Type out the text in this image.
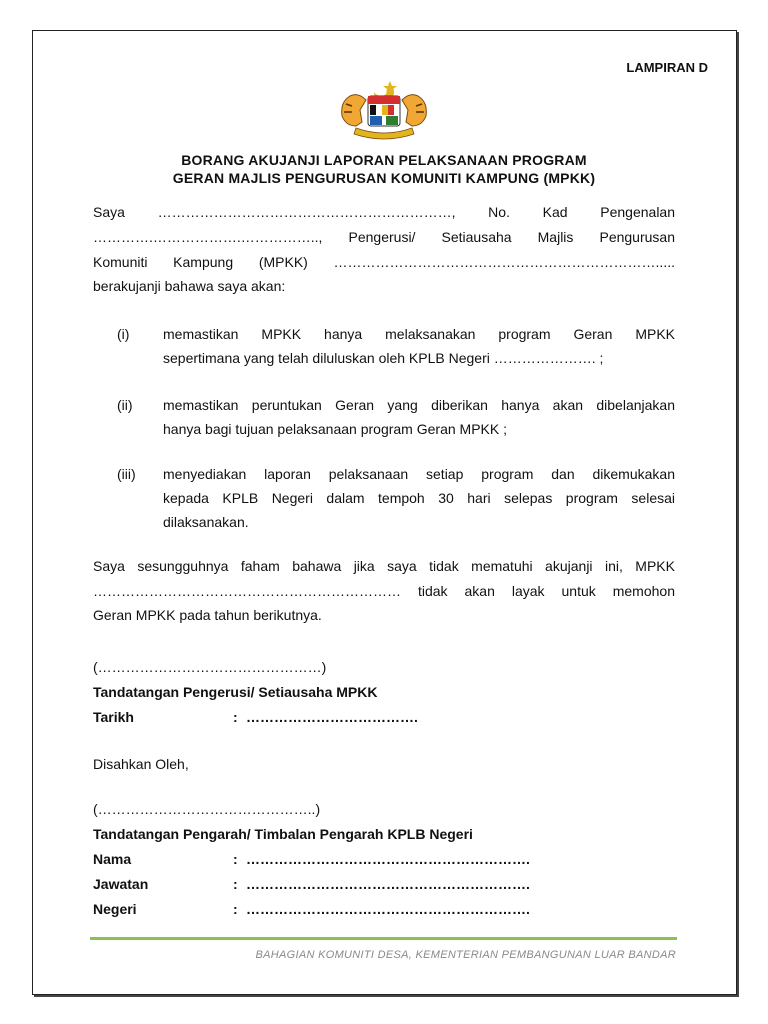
LAMPIRAN D
BORANG AKUJANJI LAPORAN PELAKSANAAN PROGRAM
GERAN MAJLIS PENGURUSAN KOMUNITI KAMPUNG (MPKK)
Saya ………………………………………………………, No. Kad Pengenalan
………….……………….…………….., Pengerusi/ Setiausaha Majlis Pengurusan
Komuniti Kampung (MPKK) …………………………………………………………….....
berakujanji bahawa saya akan:
(i) memastikan MPKK hanya melaksanakan program Geran MPKK
sepertimana yang telah diluluskan oleh KPLB Negeri …………………. ;
(ii) memastikan peruntukan Geran yang diberikan hanya akan dibelanjakan
hanya bagi tujuan pelaksanaan program Geran MPKK ;
(iii) menyediakan laporan pelaksanaan setiap program dan dikemukakan
kepada KPLB Negeri dalam tempoh 30 hari selepas program selesai
dilaksanakan.
Saya sesungguhnya faham bahawa jika saya tidak mematuhi akujanji ini, MPKK
………………………………………………………… tidak akan layak untuk memohon
Geran MPKK pada tahun berikutnya.
(…………………………………………)
Tandatangan Pengerusi/ Setiausaha MPKK
Tarikh	: ……………………………….
Disahkan Oleh,
(………………………………………..)
Tandatangan Pengarah/ Timbalan Pengarah KPLB Negeri
Nama	: …………………………………………………….
Jawatan	: …………………………………………………….
Negeri	: …………………………………………………….
BAHAGIAN KOMUNITI DESA, KEMENTERIAN PEMBANGUNAN LUAR BANDAR
